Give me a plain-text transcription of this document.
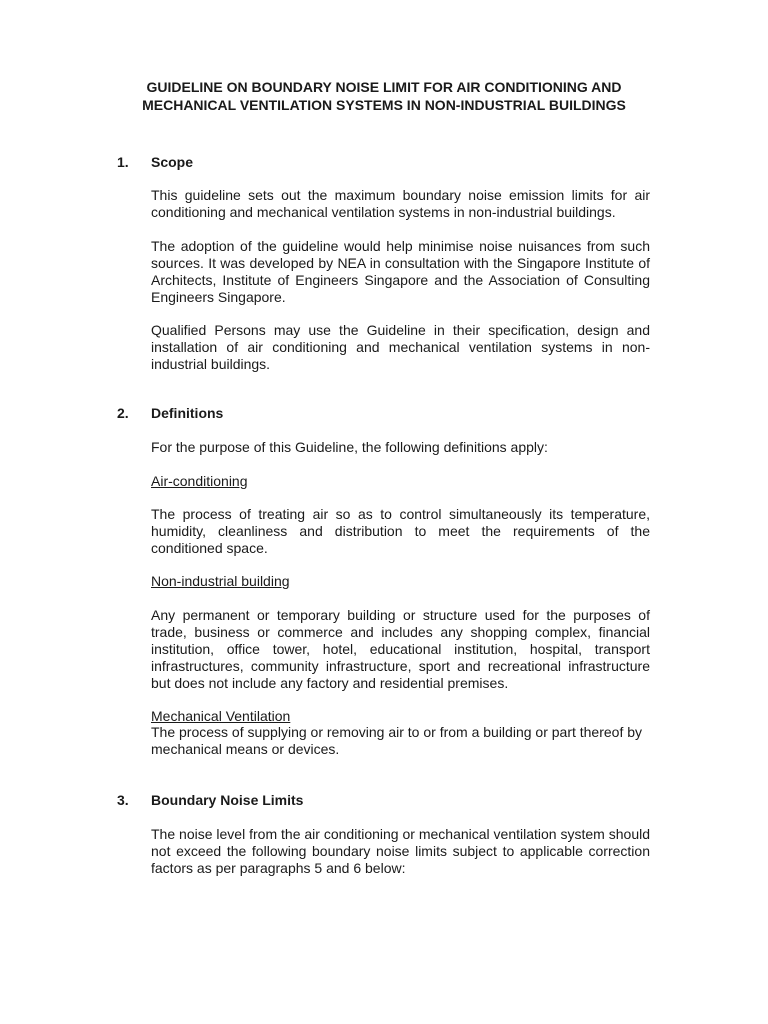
GUIDELINE ON BOUNDARY NOISE LIMIT FOR AIR CONDITIONING AND
MECHANICAL VENTILATION SYSTEMS IN NON-INDUSTRIAL BUILDINGS
1. Scope
This guideline sets out the maximum boundary noise emission limits for air conditioning and mechanical ventilation systems in non-industrial buildings.
The adoption of the guideline would help minimise noise nuisances from such sources. It was developed by NEA in consultation with the Singapore Institute of Architects, Institute of Engineers Singapore and the Association of Consulting Engineers Singapore.
Qualified Persons may use the Guideline in their specification, design and installation of air conditioning and mechanical ventilation systems in non-industrial buildings.
2. Definitions
For the purpose of this Guideline, the following definitions apply:
Air-conditioning
The process of treating air so as to control simultaneously its temperature, humidity, cleanliness and distribution to meet the requirements of the conditioned space.
Non-industrial building
Any permanent or temporary building or structure used for the purposes of trade, business or commerce and includes any shopping complex, financial institution, office tower, hotel, educational institution, hospital, transport infrastructures, community infrastructure, sport and recreational infrastructure but does not include any factory and residential premises.
Mechanical Ventilation
The process of supplying or removing air to or from a building or part thereof by mechanical means or devices.
3. Boundary Noise Limits
The noise level from the air conditioning or mechanical ventilation system should not exceed the following boundary noise limits subject to applicable correction factors as per paragraphs 5 and 6 below:
